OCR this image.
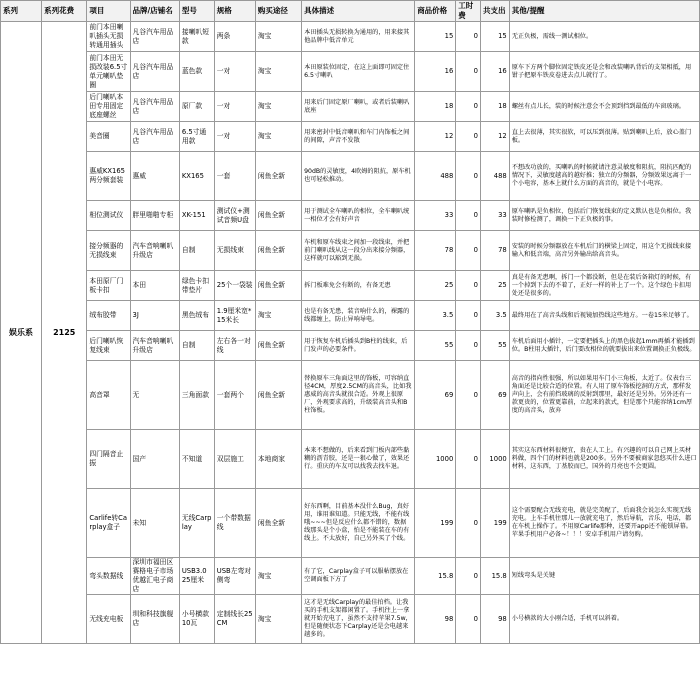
系列	系列花费	项目	品牌/店铺名	型号	规格	购买途径	具体描述	商品价格	工时费	共支出	其他/提醒
娱乐系	2125	前门本田喇叭插头无损转通用插头	凡谷汽车用品店	接喇叭短款	两条	淘宝	本田插头无损转换为通用的，用来接其他品牌中低音单元	15	0	15	无正负极，需线一测试相位。
		前门本田无损改装6.5寸单元喇叭垫圈	凡谷汽车用品店	蓝色款	一对	淘宝	本田原装位固定，在这上面即可固定住6.5寸喇叭	16	0	16	原车下方两个脚位固定铁皮还是会和改装喇叭背后的支架相抵，用钳子把原车铁皮卷进去点儿就行了。
		后门喇叭本田专用固定底座螺丝	凡谷汽车用品店	原厂款	一对	淘宝	用来后门固定原厂喇叭，或者后装喇叭底座	18	0	18	螺丝有点儿长，装的时候注意会不会顶到挡到最低的车窗玻璃。
		美音圈	凡谷汽车用品店	6.5寸通用款	一对	淘宝	用来密封中低音喇叭和车门内饰板之间的间隙，声音不发散	12	0	12	直上去很薄，其实很软，可以压到很薄。贴到喇叭上后，放心盖门板。
		惠威KX165两分频套装	惠威	KX165	一套	闲鱼全新	90dB的灵敏度，4欧姆的阻抗，原车机也可轻松推动。	488	0	488	不想改功放的，买喇叭的时候就请注意灵敏度和阻抗，阻抗匹配的情况下，灵敏度越高的越好推；独立的分频器，分频效果远离于一个小电容，基本上就什么方面的高音的，就是个小电容。
		相位测试仪	胖里啪啪专柜	XK-151	测试仪+测试音频U盘	闲鱼全新	用于测试全车喇叭的相位，全车喇叭统一相位才会有好声音	33	0	33	原车喇叭是负相位，包括后门恢复线束的定义默认也是负相位。我装时修检测了，调换一下正负极的事。
		接分频器的无损线束	汽车音响喇叭升级店	自制	无损线束	闲鱼全新	车机和原车线束之间加一段线束，并把前门喇叭线从这一段分出来接分频器，这样就可以豁到无损。	78	0	78	安装的时候分频器放在车机后门的横梁上固定，用这个无损线束接输入和低音端，高音另外输出给高音头。
		本田原厂门板卡扣	本田	绿色卡扣带垫片	25个一袋装	闲鱼全新	拆门板难免会有断的，有备无患	25	0	25	真是有备无患啊，拆门一个都没断，但是在装后备箱灯的时候，有一个掉到下去的不着了，正好一样的补上了一个。这个绿色卡扣用处还是很多的。
		绒布胶带	3J	黑色绒布	1.9厘米宽*15米长	淘宝	也是有备无患，装音响什么的，裸露的线都缠上，防止异响导电。	3.5	0	3.5	最终用在了高音头线和后视镜加热线这些地方。一卷15米足够了。
		后门喇叭恢复线束	汽车音响喇叭升级店	自制	左右各一对线	闲鱼全新	用于恢复车机后插头到B柱的线束，后门发声的必要条件。	55	0	55	车机后面用小插针，一定要把插头上的黑色拔起1mm再插才能插到位。B柱用大插针，后门要改相位的就要拔出来位置调换正负极线。
		高音罩	无	三角面款	一套两个	闲鱼全新	替换原车三角面这里的饰板，可容纳直径4CM，厚度2.5CM的高音头，比如我惠威的高音头就很合适。外观上很原厂，外观要求高的，升级装高音头和B柱饰板。	69	0	69	高音的指向性很强，所以如果用车门小三角板，太近了。仪表台三角面还是比较合适的位置。有人用了原车饰板挖洞的方式，那样发声向上，会有前挡玻璃的反射到那里，最好还是另外。另外还有一款更贵的，位置更靠前，立起来的款式，但是那个只能容纳1cm厚度的高音头，放弃
		四门隔音止振	国产	不知道	双层施工	本地商家	本来不想做的，后来看到门板内部些黏糊的沥青胶，还是一狠心做了，效果还行。重庆的车友可以找我去找车退。	1000	0	1000	其实这东西材料很便宜，贵在人工上。有兴趣的可以自己网上买材料做，四个门的材料也就是200多。另外不要被商家忽悠买什么进口材料，这东西，丁基胶而已，国外的月亮也不会更圆。
		Carlife转Carplay盒子	未知	无线Carplay	一个带数据线	闲鱼全新	好东西啊，目前基本没什么Bug，真好用，谁用谁知道。只能无线，不能有线哦~~~但是反应什么都不错的，数据线那头是个小盒，怕是不能装在车的有线上。不太放好，自己另外买了个线。	199	0	199	这个需要配合无线充电，就是完美配了，后面我会说怎么实现无线充电。上车手机往那儿一放就充电了，然后导航，音乐，电话，都在车机上操作了。不用原Carlife那种，还要开app还不能锁屏幕。苹果手机用户必备~！！！安卓手机用户请勿购。
		弯头数据线	深圳市福田区赛格电子市场优越汇电子商店	USB3.0 25厘米	USB左弯对侧弯	淘宝	有了它，Carplay盒子可以服帖摆放在空调面板下方了	15.8	0	15.8	短线弯头是关键
		无线充电板	圳和科技旗舰店	小号横款10瓦	定制线长25CM	淘宝	这才是无线Carplay的最佳拍档。让我买的手机支架都闲置了。手机往上一拿就开始充电了，虽然不支持苹果7.5w，但是随便状态下Carplay还是会电越来越多的。	98	0	98	小号横款的大小刚合适，手机可以斜着。
